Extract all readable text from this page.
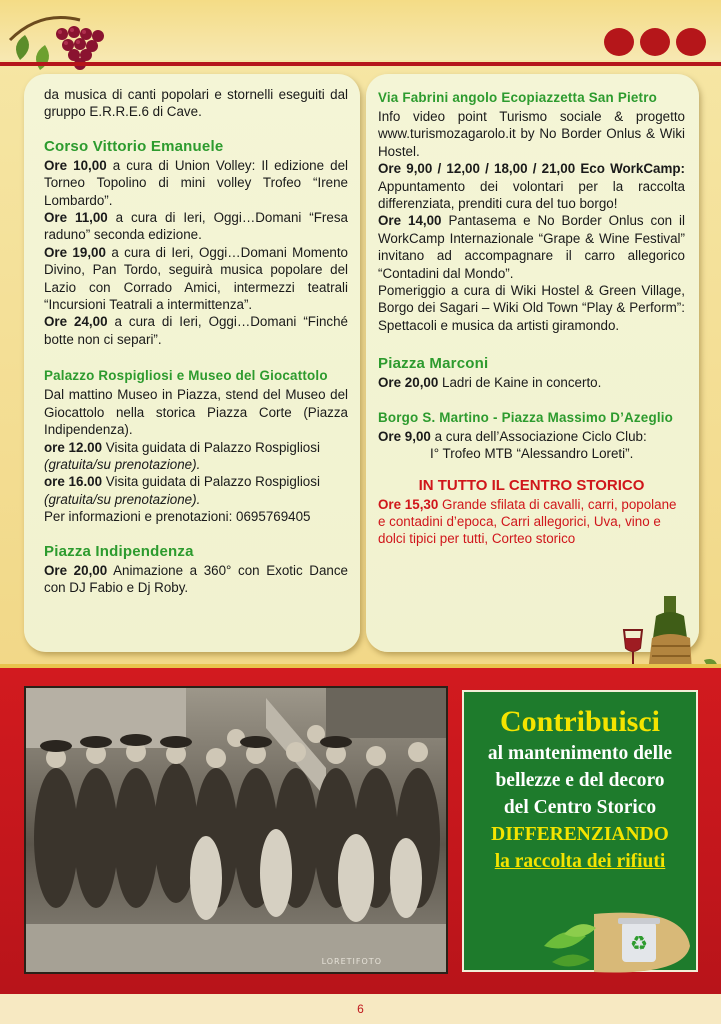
da musica di canti popolari e stornelli eseguiti dal gruppo E.R.R.E.6 di Cave.

Corso Vittorio Emanuele

Ore 10,00 a cura di Union Volley: Il edizione del Torneo Topolino di mini volley Trofeo “Irene Lombardo”.

Ore 11,00 a cura di Ieri, Oggi…Domani “Fresa raduno” seconda edizione.

Ore 19,00 a cura di Ieri, Oggi…Domani Momento Divino, Pan Tordo, seguirà musica popolare del Lazio con Corrado Amici, intermezzi teatrali “Incursioni Teatrali a intermittenza”.

Ore 24,00 a cura di Ieri, Oggi…Domani “Finché botte non ci separi”.

Palazzo Rospigliosi e Museo del Giocattolo

Dal mattino Museo in Piazza, stend del Museo del Giocattolo nella storica Piazza Corte (Piazza Indipendenza).

ore 12.00 Visita guidata di Palazzo Rospigliosi

(gratuita/su prenotazione).

ore 16.00 Visita guidata di Palazzo Rospigliosi

(gratuita/su prenotazione).

Per informazioni e prenotazioni: 0695769405

Piazza Indipendenza

Ore 20,00 Animazione a 360° con Exotic Dance con DJ Fabio e Dj Roby.

Via Fabrini angolo Ecopiazzetta San Pietro

Info video point Turismo sociale & progetto www.turismozagarolo.it by No Border Onlus & Wiki Hostel.

Ore 9,00 / 12,00 / 18,00 / 21,00 Eco WorkCamp: Appuntamento dei volontari per la raccolta differenziata, prenditi cura del tuo borgo!

Ore 14,00 Pantasema e No Border Onlus con il WorkCamp Internazionale “Grape & Wine Festival” invitano ad accompagnare il carro allegorico “Contadini dal Mondo”.

Pomeriggio a cura di Wiki Hostel & Green Village, Borgo dei Sagari – Wiki Old Town “Play & Perform”: Spettacoli e musica da artisti giramondo.

Piazza Marconi

Ore 20,00 Ladri de Kaine in concerto.

Borgo S. Martino - Piazza Massimo D’Azeglio

Ore 9,00 a cura dell’Associazione Ciclo Club:

I° Trofeo MTB “Alessandro Loreti”.

IN TUTTO IL CENTRO STORICO

Ore 15,30 Grande sfilata di cavalli, carri, popolane e contadini d’epoca, Carri allegorici, Uva, vino e dolci tipici per tutti, Corteo storico

LORETIFOTO
Contribuisci
al mantenimento delle
bellezze e del decoro
del Centro Storico
DIFFERENZIANDO
la raccolta dei rifiuti
♻
6
